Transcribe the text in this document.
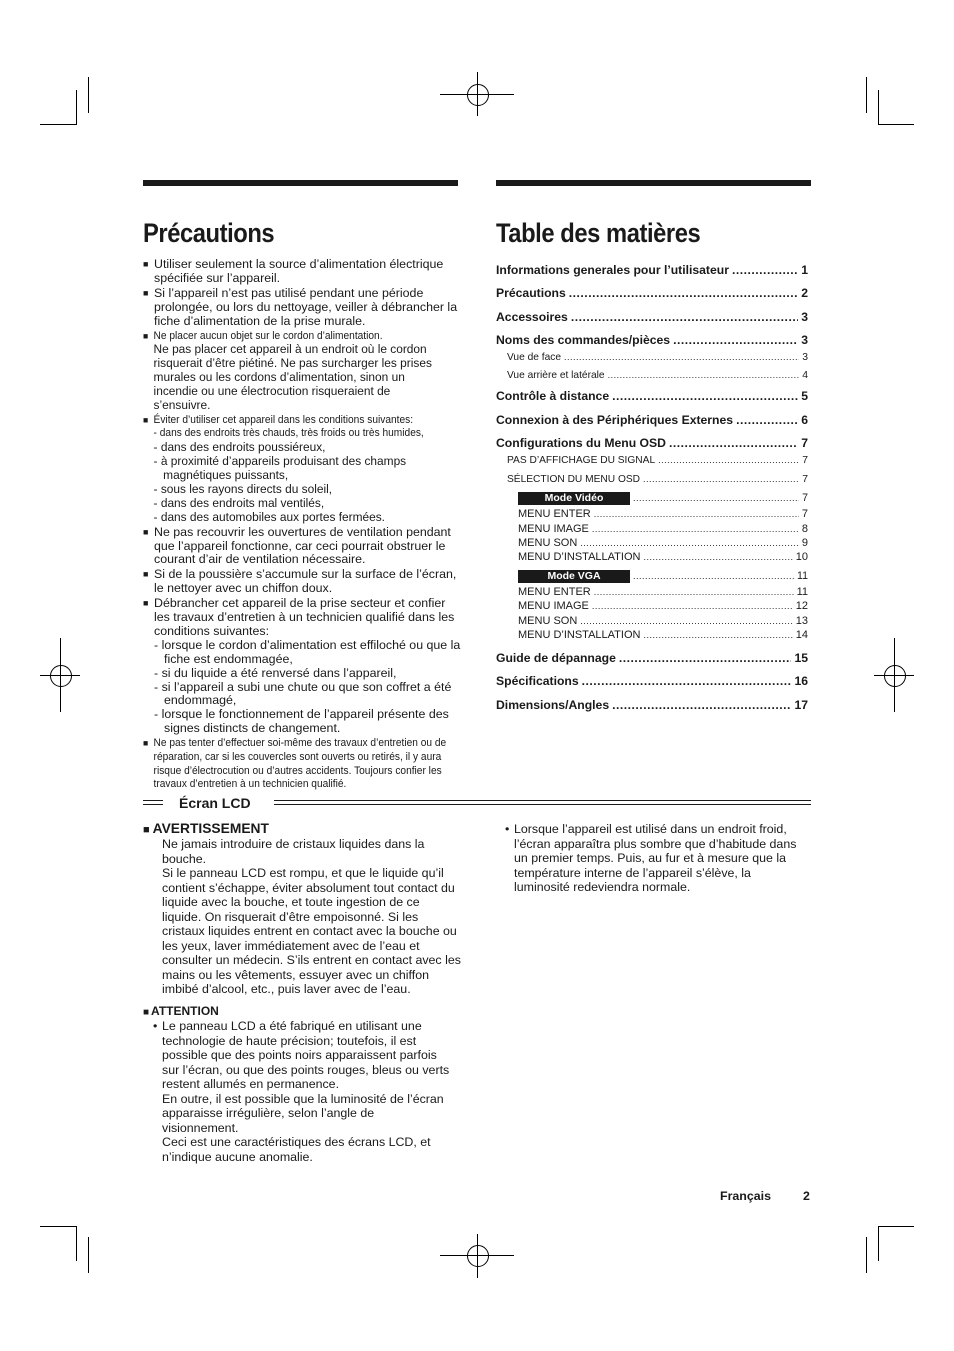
Précautions	Table des matières
■ Utiliser seulement la source d’alimentation électrique spécifiée sur l’appareil.
■ Si l’appareil n’est pas utilisé pendant une période prolongée, ou lors du nettoyage, veiller à débrancher la fiche d’alimentation de la prise murale.
■ Ne placer aucun objet sur le cordon d’alimentation.
Ne pas placer cet appareil à un endroit où le cordon risquerait d’être piétiné. Ne pas surcharger les prises murales ou les cordons d’alimentation, sinon un incendie ou une électrocution risqueraient de s’ensuivre.
■ Éviter d’utiliser cet appareil dans les conditions suivantes:
- dans des endroits très chauds, très froids ou très humides,
- dans des endroits poussiéreux,
- à proximité d’appareils produisant des champs magnétiques puissants,
- sous les rayons directs du soleil,
- dans des endroits mal ventilés,
- dans des automobiles aux portes fermées.
■ Ne pas recouvrir les ouvertures de ventilation pendant que l’appareil fonctionne, car ceci pourrait obstruer le courant d’air de ventilation nécessaire.
■ Si de la poussière s’accumule sur la surface de l’écran, le nettoyer avec un chiffon doux.
■ Débrancher cet appareil de la prise secteur et confier les travaux d’entretien à un technicien qualifié dans les conditions suivantes:
- lorsque le cordon d’alimentation est effiloché ou que la fiche est endommagée,
- si du liquide a été renversé dans l’appareil,
- si l’appareil a subi une chute ou que son coffret a été endommagé,
- lorsque le fonctionnement de l’appareil présente des signes distincts de changement.
■ Ne pas tenter d’effectuer soi-même des travaux d’entretien ou de réparation, car si les couvercles sont ouverts ou retirés, il y aura risque d’électrocution ou d’autres accidents. Toujours confier les travaux d’entretien à un technicien qualifié.
Informations generales pour l’utilisateur .....	1
Précautions .....	2
Accessoires .....	3
Noms des commandes/pièces .....	3
Vue de face .....	3
Vue arrière et latérale .....	4
Contrôle à distance .....	5
Connexion à des Périphériques Externes .....	6
Configurations du Menu OSD .....	7
PAS D’AFFICHAGE DU SIGNAL .....	7
SÉLECTION DU MENU OSD .....	7
Mode Vidéo .....	7
MENU ENTER .....	7
MENU IMAGE .....	8
MENU SON .....	9
MENU D’INSTALLATION .....	10
Mode VGA .....	11
MENU ENTER .....	11
MENU IMAGE .....	12
MENU SON .....	13
MENU D’INSTALLATION .....	14
Guide de dépannage .....	15
Spécifications .....	16
Dimensions/Angles .....	17
Écran LCD
■ AVERTISSEMENT

Ne jamais introduire de cristaux liquides dans la bouche.

Si le panneau LCD est rompu, et que le liquide qu’il contient s’échappe, éviter absolument tout contact du liquide avec la bouche, et toute ingestion de ce liquide. On risquerait d’être empoisonné. Si les cristaux liquides entrent en contact avec la bouche ou les yeux, laver immédiatement avec de l’eau et consulter un médecin. S’ils entrent en contact avec les mains ou les vêtements, essuyer avec un chiffon imbibé d’alcool, etc., puis laver avec de l’eau.

■ ATTENTION

• Le panneau LCD a été fabriqué en utilisant une technologie de haute précision; toutefois, il est possible que des points noirs apparaissent parfois sur l’écran, ou que des points rouges, bleus ou verts restent allumés en permanence.

En outre, il est possible que la luminosité de l’écran apparaisse irrégulière, selon l’angle de visionnement.

Ceci est une caractéristiques des écrans LCD, et n’indique aucune anomalie.

• Lorsque l’appareil est utilisé dans un endroit froid, l’écran apparaîtra plus sombre que d’habitude dans un premier temps. Puis, au fur et à mesure que la température interne de l’appareil s’élève, la luminosité redeviendra normale.

Français	2
